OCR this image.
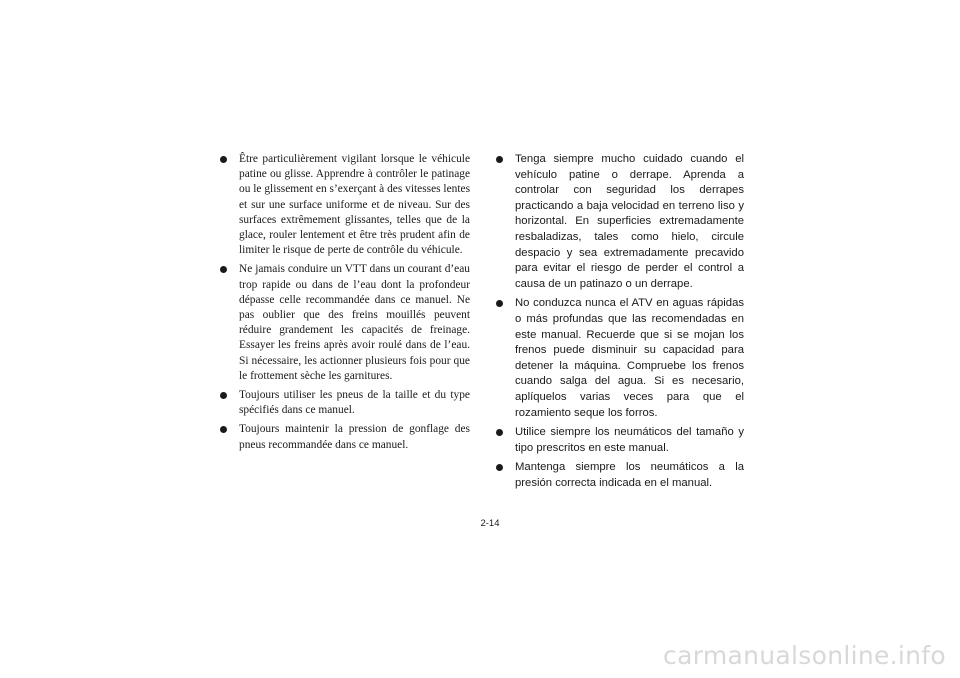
Être particulièrement vigilant lorsque le véhicule patine ou glisse. Apprendre à contrôler le patinage ou le glissement en s’exerçant à des vitesses lentes et sur une surface uniforme et de niveau. Sur des surfaces extrêmement glissantes, telles que de la glace, rouler lentement et être très prudent afin de limiter le risque de perte de contrôle du véhicule.
Ne jamais conduire un VTT dans un courant d’eau trop rapide ou dans de l’eau dont la profondeur dépasse celle recommandée dans ce manuel. Ne pas oublier que des freins mouillés peuvent réduire grandement les capacités de freinage. Essayer les freins après avoir roulé dans de l’eau. Si nécessaire, les actionner plusieurs fois pour que le frottement sèche les garnitures.
Toujours utiliser les pneus de la taille et du type spécifiés dans ce manuel.
Toujours maintenir la pression de gonflage des pneus recommandée dans ce manuel.
Tenga siempre mucho cuidado cuando el vehículo patine o derrape. Aprenda a controlar con seguridad los derrapes practicando a baja velocidad en terreno liso y horizontal. En superficies extremadamente resbaladizas, tales como hielo, circule despacio y sea extremadamente precavido para evitar el riesgo de perder el control a causa de un patinazo o un derrape.
No conduzca nunca el ATV en aguas rápidas o más profundas que las recomendadas en este manual. Recuerde que si se mojan los frenos puede disminuir su capacidad para detener la máquina. Compruebe los frenos cuando salga del agua. Si es necesario, aplíquelos varias veces para que el rozamiento seque los forros.
Utilice siempre los neumáticos del tamaño y tipo prescritos en este manual.
Mantenga siempre los neumáticos a la presión correcta indicada en el manual.
2-14
carmanualsonline.info
